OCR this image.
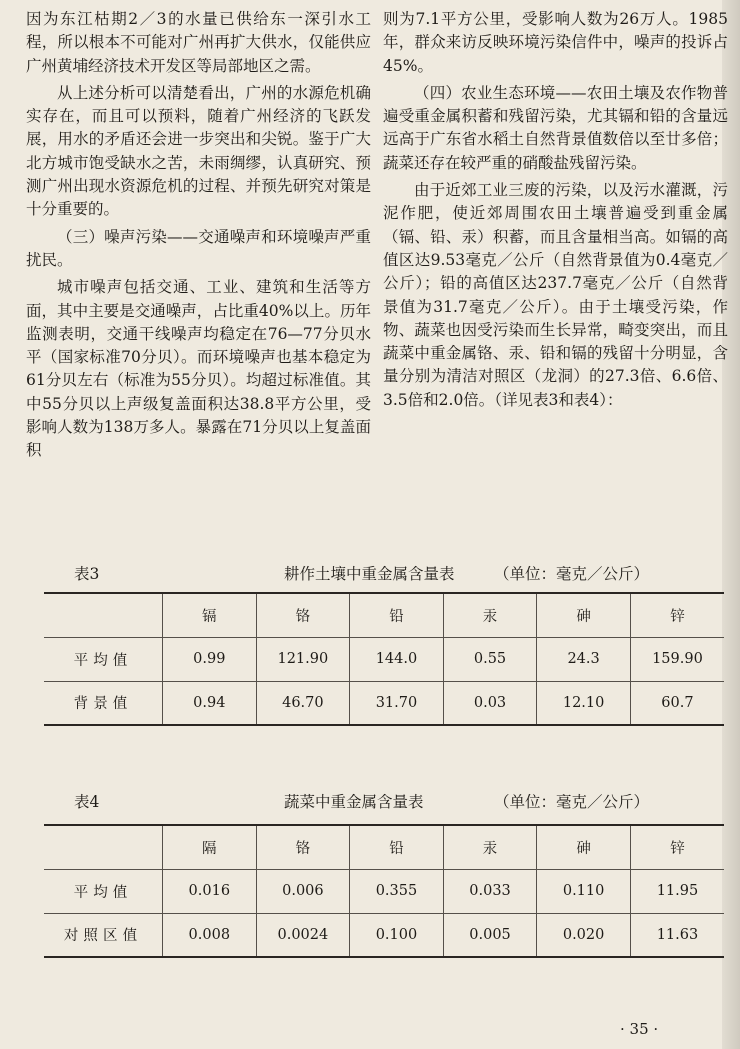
因为东江枯期2／3的水量已供给东一深引水工程，所以根本不可能对广州再扩大供水，仅能供应广州黄埔经济技术开发区等局部地区之需。

从上述分析可以清楚看出，广州的水源危机确实存在，而且可以预料，随着广州经济的飞跃发展，用水的矛盾还会进一步突出和尖锐。鉴于广大北方城市饱受缺水之苦，未雨绸缪，认真研究、预测广州出现水资源危机的过程、并预先研究对策是十分重要的。

（三）噪声污染——交通噪声和环境噪声严重扰民。

城市噪声包括交通、工业、建筑和生活等方面，其中主要是交通噪声，占比重40%以上。历年监测表明，交通干线噪声均稳定在76—77分贝水平（国家标准70分贝）。而环境噪声也基本稳定为61分贝左右（标准为55分贝）。均超过标准值。其中55分贝以上声级复盖面积达38.8平方公里，受影响人数为138万多人。暴露在71分贝以上复盖面积

则为7.1平方公里，受影响人数为26万人。1985年，群众来访反映环境污染信件中，噪声的投诉占45%。

（四）农业生态环境——农田土壤及农作物普遍受重金属积蓄和残留污染，尤其镉和铅的含量远远高于广东省水稻土自然背景值数倍以至廿多倍；蔬菜还存在较严重的硝酸盐残留污染。

由于近郊工业三废的污染，以及污水灌溉，污泥作肥，使近郊周围农田土壤普遍受到重金属（镉、铅、汞）积蓄，而且含量相当高。如镉的高值区达9.53毫克／公斤（自然背景值为0.4毫克／公斤）；铅的高值区达237.7毫克／公斤（自然背景值为31.7毫克／公斤）。由于土壤受污染，作物、蔬菜也因受污染而生长异常，畸变突出，而且蔬菜中重金属铬、汞、铅和镉的残留十分明显，含量分别为清洁对照区（龙洞）的27.3倍、6.6倍、3.5倍和2.0倍。（详见表3和表4）：

表3	耕作土壤中重金属含量表	（单位：毫克／公斤）
	镉	铬	铅	汞	砷	锌
平均值	0.99	121.90	144.0	0.55	24.3	159.90
背景值	0.94	46.70	31.70	0.03	12.10	60.7
表4	蔬菜中重金属含量表	（单位：毫克／公斤）
	隔	铬	铅	汞	砷	锌
平均值	0.016	0.006	0.355	0.033	0.110	11.95
对照区值	0.008	0.0024	0.100	0.005	0.020	11.63
· 35 ·
